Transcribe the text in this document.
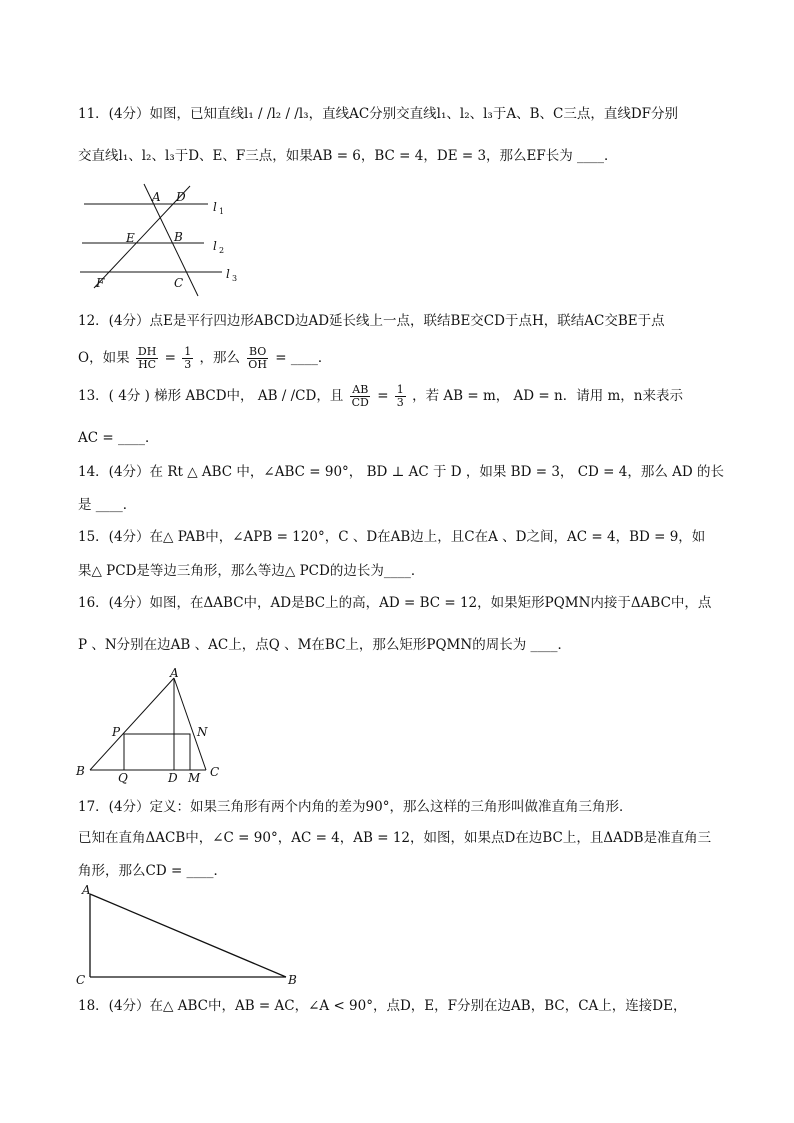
11．(4分）如图，已知直线l₁ / /l₂ / /l₃，直线AC分别交直线l₁、l₂、l₃于A、B、C三点，直线DF分别
交直线l₁、l₂、l₃于D、E、F三点，如果AB = 6，BC = 4，DE = 3，那么EF长为 ____．
A D
E	B
F	C
l 1
l 2
l 3
12．(4分）点E是平行四边形ABCD边AD延长线上一点，联结BE交CD于点H，联结AC交BE于点
O，如果 $\frac{DH}{HC} = \frac{1}{3}$ ，那么 $\frac{BO}{OH}$ = ____．
13．( 4分 ) 梯形 ABCD中， AB / /CD，且 $\frac{AB}{CD} = \frac{1}{3}$ ，若 AB = m， AD = n．请用 m，n来表示
AC = ____．
14．(4分）在 Rt △ ABC 中，∠ABC = 90°， BD ⊥ AC 于 D ，如果 BD = 3， CD = 4，那么 AD 的长
是 ____．
15．(4分）在△ PAB中，∠APB = 120°，C 、D在AB边上，且C在A 、D之间，AC = 4，BD = 9，如
果△ PCD是等边三角形，那么等边△ PCD的边长为____．
16．(4分）如图，在ΔABC中，AD是BC上的高，AD = BC = 12，如果矩形PQMN内接于ΔABC中，点
P 、N分别在边AB 、AC上，点Q 、M在BC上，那么矩形PQMN的周长为 ____．
A
P	N
B	Q	D M C
17．(4分）定义：如果三角形有两个内角的差为90°，那么这样的三角形叫做准直角三角形．
已知在直角ΔACB中，∠C = 90°，AC = 4，AB = 12，如图，如果点D在边BC上，且ΔADB是准直角三
角形，那么CD = ____．
A
C	B
18．(4分）在△ ABC中，AB = AC，∠A < 90°，点D，E，F分别在边AB，BC，CA上，连接DE，
